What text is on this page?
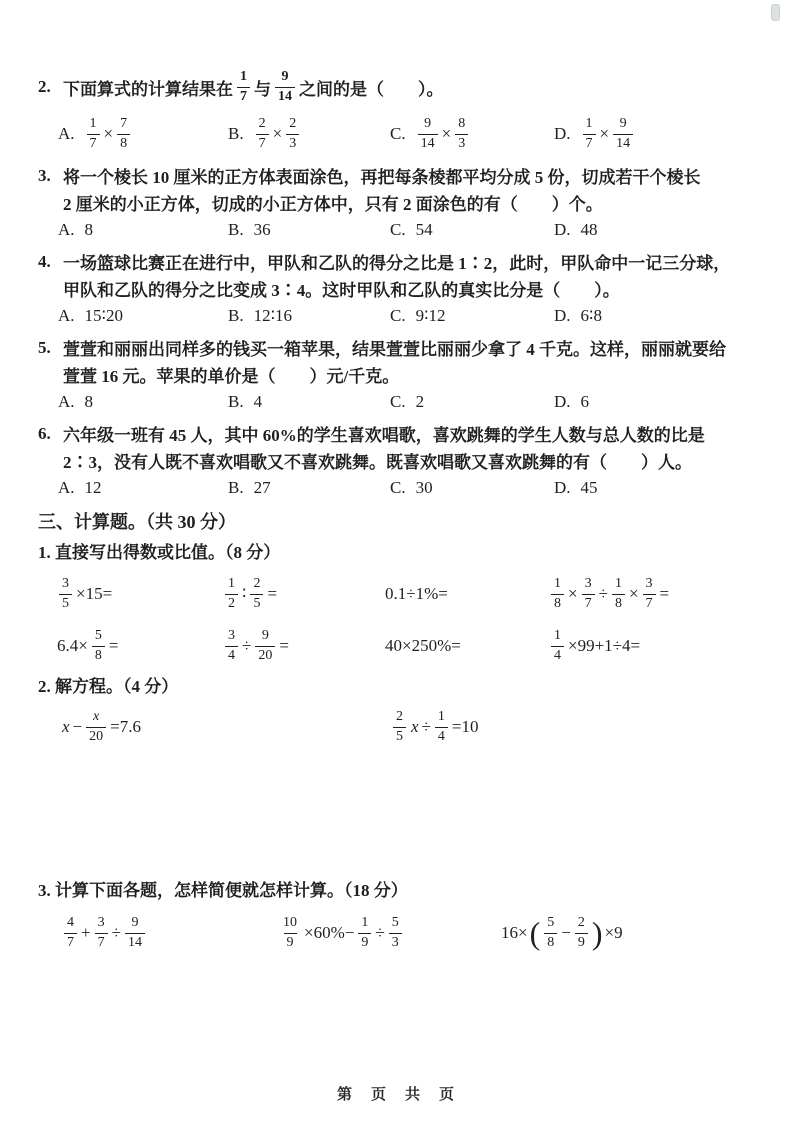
2. 下面算式的计算结果在 $\frac{1}{7}$ 与 $\frac{9}{14}$ 之间的是（　　）。
A. $\frac{1}{7} \times \frac{7}{8}$	B. $\frac{2}{7} \times \frac{2}{3}$	C. $\frac{9}{14} \times \frac{8}{3}$	D. $\frac{1}{7} \times \frac{9}{14}$
3. 将一个棱长 10 厘米的正方体表面涂色，再把每条棱都平均分成 5 份，切成若干个棱长
2 厘米的小正方体，切成的小正方体中，只有 2 面涂色的有（　　）个。
A. 8	B. 36	C. 54	D. 48
4. 一场篮球比赛正在进行中，甲队和乙队的得分之比是 1∶2，此时，甲队命中一记三分球，
甲队和乙队的得分之比变成 3∶4。这时甲队和乙队的真实比分是（　　）。
A. 15∶20	B. 12∶16	C. 9∶12	D. 6∶8
5. 萱萱和丽丽出同样多的钱买一箱苹果，结果萱萱比丽丽少拿了 4 千克。这样，丽丽就要给
萱萱 16 元。苹果的单价是（　　）元/千克。
A. 8	B. 4	C. 2	D. 6
6. 六年级一班有 45 人，其中 60%的学生喜欢唱歌，喜欢跳舞的学生人数与总人数的比是
2∶3，没有人既不喜欢唱歌又不喜欢跳舞。既喜欢唱歌又喜欢跳舞的有（　　）人。
A. 12	B. 27	C. 30	D. 45
三、计算题。（共 30 分）
1. 直接写出得数或比值。（8 分）
$\frac{3}{5} \times 15=$	$\frac{1}{2}$ ∶ $\frac{2}{5}$ =	0.1÷1%=	$\frac{1}{8} \times \frac{3}{7} \div \frac{1}{8} \times \frac{3}{7}$ =
$6.4\times \frac{5}{8}$ =	$\frac{3}{4} \div \frac{9}{20}$ =	40×250%=	$\frac{1}{4} \times 99+1\div 4=$
2. 解方程。（4 分）
$x - \frac{x}{20} =7.6$	$\frac{2}{5}$ $x \div \frac{1}{4} =10$
3. 计算下面各题，怎样简便就怎样计算。（18 分）
$\frac{4}{7} + \frac{3}{7} \div \frac{9}{14}$	$\frac{10}{9} \times 60\%- \frac{1}{9} \div \frac{5}{3}$	16× ( $\frac{5}{8} - \frac{2}{9}$ ) ×9
第　页　共　页
